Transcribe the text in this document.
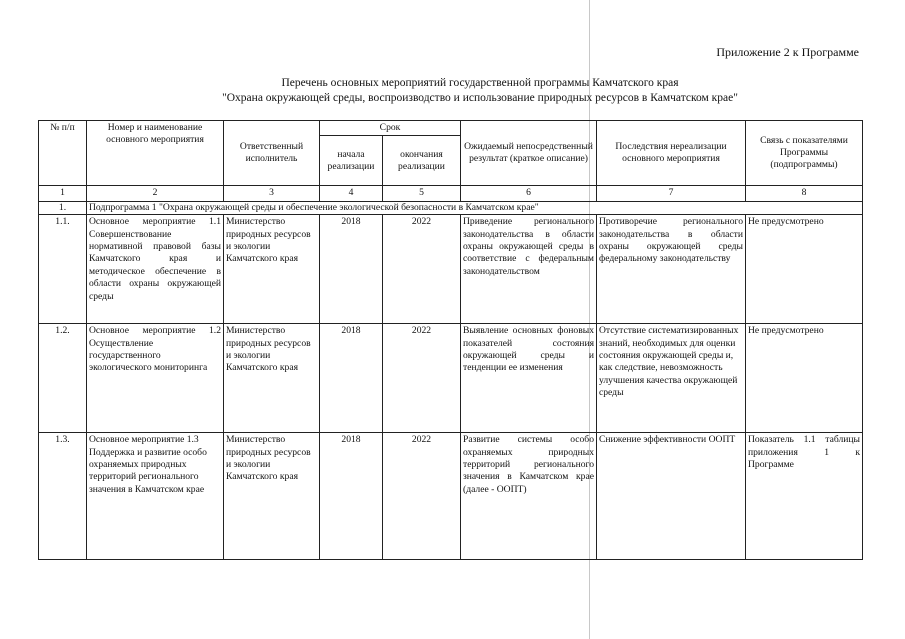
Приложение 2 к Программе
Перечень основных мероприятий государственной программы Камчатского края
"Охрана окружающей среды, воспроизводство и использование природных ресурсов в Камчатском крае"
№ п/п	Номер и наименование основного мероприятия	Ответственный исполнитель	Срок		Ожидаемый непосредственный результат (краткое описание)	Последствия нереализации основного мероприятия	Связь с показателями Программы (подпрограммы)
			начала реализации	окончания реализации			
1	2	3	4	5	6	7	8
1.	Подпрограмма 1 "Охрана окружающей среды и обеспечение экологической безопасности в Камчатском крае"						
1.1.	Основное мероприятие 1.1 Совершенствование нормативной правовой базы Камчатского края и методическое обеспечение в области охраны окружающей среды	Министерство природных ресурсов и экологии Камчатского края	2018	2022	Приведение регионального законодательства в области охраны окружающей среды в соответствие с федеральным законодательством	Противоречие регионального законодательства в области охраны окружающей среды федеральному законодательству	Не предусмотрено
1.2.	Основное мероприятие 1.2 Осуществление государственного экологического мониторинга	Министерство природных ресурсов и экологии Камчатского края	2018	2022	Выявление основных фоновых показателей состояния окружающей среды и тенденции ее изменения	Отсутствие систематизированных знаний, необходимых для оценки состояния окружающей среды и, как следствие, невозможность улучшения качества окружающей среды	Не предусмотрено
1.3.	Основное мероприятие 1.3 Поддержка и развитие особо охраняемых природных территорий регионального значения в Камчатском крае	Министерство природных ресурсов и экологии Камчатского края	2018	2022	Развитие системы особо охраняемых природных территорий регионального значения в Камчатском крае (далее - ООПТ)	Снижение эффективности ООПТ	Показатель 1.1 таблицы приложения 1 к Программе
